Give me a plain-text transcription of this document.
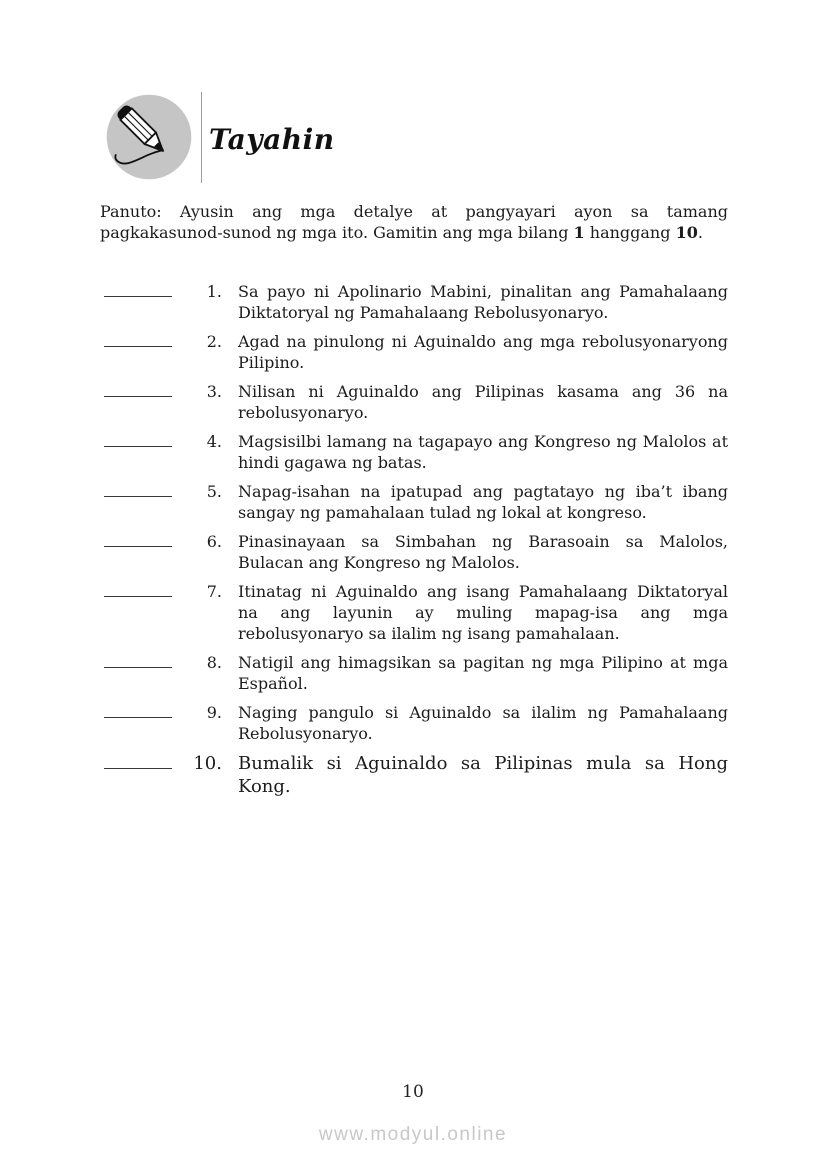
Tayahin

Panuto: Ayusin ang mga detalye at pangyayari ayon sa tamang pagkakasunod-sunod ng mga ito. Gamitin ang mga bilang 1 hanggang 10.

1. Sa payo ni Apolinario Mabini, pinalitan ang Pamahalaang Diktatoryal ng Pamahalaang Rebolusyonaryo.
2. Agad na pinulong ni Aguinaldo ang mga rebolusyonaryong Pilipino.
3. Nilisan ni Aguinaldo ang Pilipinas kasama ang 36 na rebolusyonaryo.
4. Magsisilbi lamang na tagapayo ang Kongreso ng Malolos at hindi gagawa ng batas.
5. Napag-isahan na ipatupad ang pagtatayo ng iba’t ibang sangay ng pamahalaan tulad ng lokal at kongreso.
6. Pinasinayaan sa Simbahan ng Barasoain sa Malolos, Bulacan ang Kongreso ng Malolos.
7. Itinatag ni Aguinaldo ang isang Pamahalaang Diktatoryal na ang layunin ay muling mapag-isa ang mga rebolusyonaryo sa ilalim ng isang pamahalaan.
8. Natigil ang himagsikan sa pagitan ng mga Pilipino at mga Español.
9. Naging pangulo si Aguinaldo sa ilalim ng Pamahalaang Rebolusyonaryo.
10. Bumalik si Aguinaldo sa Pilipinas mula sa Hong Kong.
10
www.modyul.online
